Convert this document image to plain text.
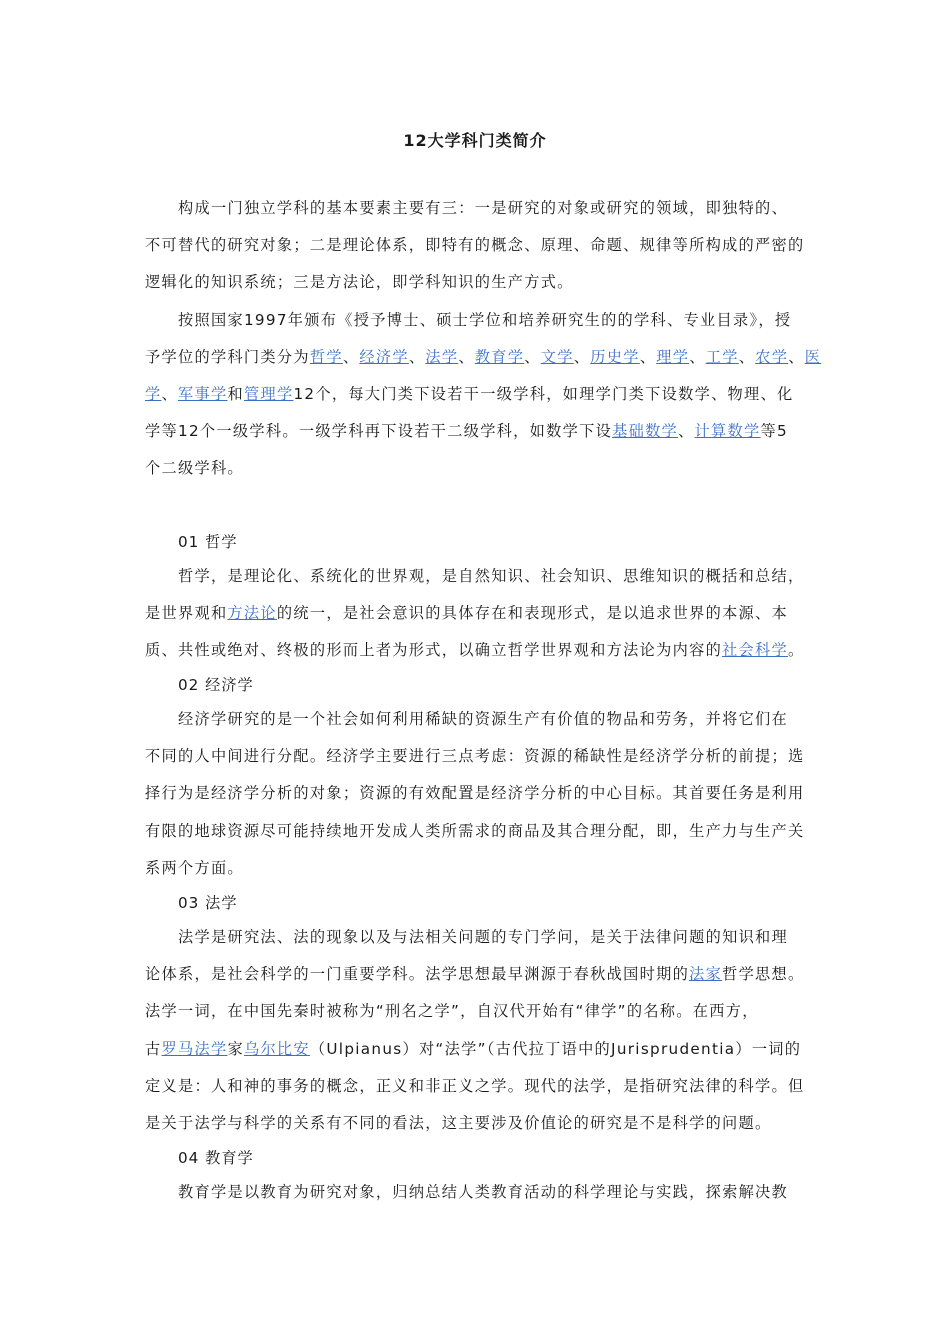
12大学科门类简介
构成一门独立学科的基本要素主要有三：一是研究的对象或研究的领域，即独特的、
不可替代的研究对象；二是理论体系，即特有的概念、原理、命题、规律等所构成的严密的
逻辑化的知识系统；三是方法论，即学科知识的生产方式。
按照国家1997年颁布《授予博士、硕士学位和培养研究生的的学科、专业目录》，授
予学位的学科门类分为哲学、经济学、法学、教育学、文学、历史学、理学、工学、农学、医
学、军事学和管理学12个，每大门类下设若干一级学科，如理学门类下设数学、物理、化
学等12个一级学科。一级学科再下设若干二级学科，如数学下设基础数学、计算数学等5
个二级学科。
01 哲学
哲学，是理论化、系统化的世界观，是自然知识、社会知识、思维知识的概括和总结，
是世界观和方法论的统一，是社会意识的具体存在和表现形式，是以追求世界的本源、本
质、共性或绝对、终极的形而上者为形式，以确立哲学世界观和方法论为内容的社会科学。
02 经济学
经济学研究的是一个社会如何利用稀缺的资源生产有价值的物品和劳务，并将它们在
不同的人中间进行分配。经济学主要进行三点考虑：资源的稀缺性是经济学分析的前提；选
择行为是经济学分析的对象；资源的有效配置是经济学分析的中心目标。其首要任务是利用
有限的地球资源尽可能持续地开发成人类所需求的商品及其合理分配，即，生产力与生产关
系两个方面。
03 法学
法学是研究法、法的现象以及与法相关问题的专门学问，是关于法律问题的知识和理
论体系，是社会科学的一门重要学科。法学思想最早渊源于春秋战国时期的法家哲学思想。
法学一词，在中国先秦时被称为“刑名之学”，自汉代开始有“律学”的名称。在西方，
古罗马法学家乌尔比安（Ulpianus）对“法学”（古代拉丁语中的Jurisprudentia）一词的
定义是：人和神的事务的概念，正义和非正义之学。现代的法学，是指研究法律的科学。但
是关于法学与科学的关系有不同的看法，这主要涉及价值论的研究是不是科学的问题。
04 教育学
教育学是以教育为研究对象，归纳总结人类教育活动的科学理论与实践，探索解决教
